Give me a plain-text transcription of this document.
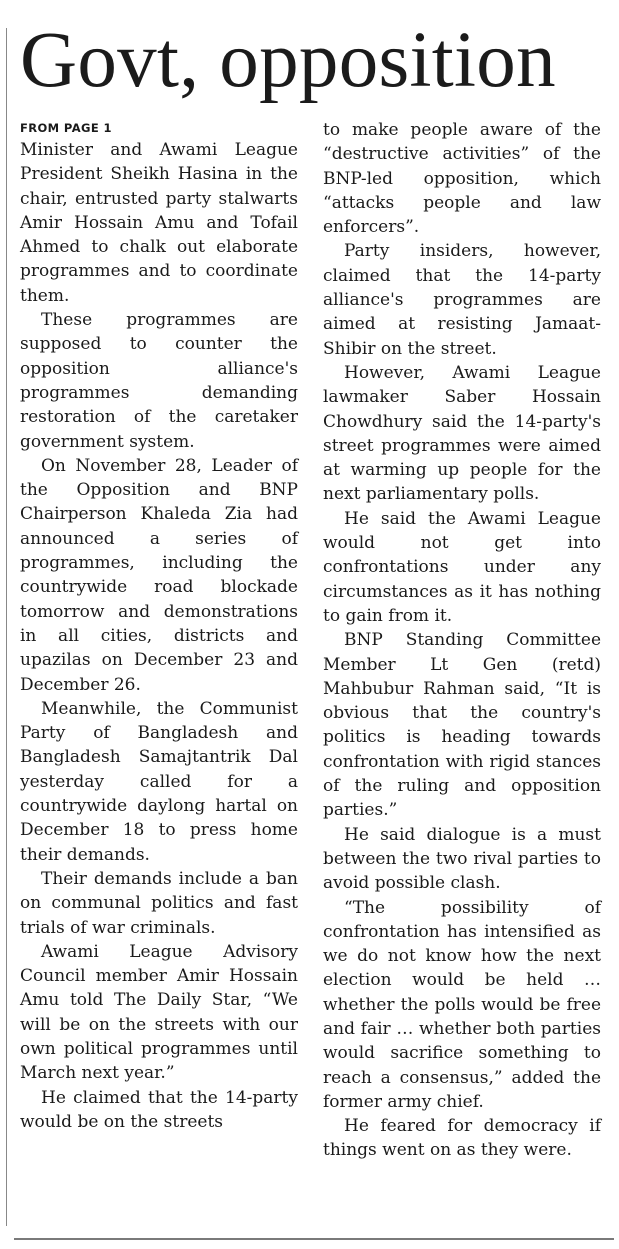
Govt, opposition
FROM PAGE 1

Minister and Awami League President Sheikh Hasina in the chair, entrusted party stalwarts Amir Hossain Amu and Tofail Ahmed to chalk out elaborate programmes and to coordinate them.

These programmes are supposed to counter the opposition alliance's programmes demanding restoration of the caretaker government system.

On November 28, Leader of the Opposition and BNP Chairperson Khaleda Zia had announced a series of programmes, including the countrywide road blockade tomorrow and demonstrations in all cities, districts and upazilas on December 23 and December 26.

Meanwhile, the Communist Party of Bangladesh and Bangladesh Samajtantrik Dal yesterday called for a countrywide daylong hartal on December 18 to press home their demands.

Their demands include a ban on communal politics and fast trials of war criminals.

Awami League Advisory Council member Amir Hossain Amu told The Daily Star, “We will be on the streets with our own political programmes until March next year.”

He claimed that the 14-party would be on the streets

to make people aware of the “destructive activities” of the BNP-led opposition, which “attacks people and law enforcers”.

Party insiders, however, claimed that the 14-party alliance's programmes are aimed at resisting Jamaat-Shibir on the street.

However, Awami League lawmaker Saber Hossain Chowdhury said the 14-party's street programmes were aimed at warming up people for the next parliamentary polls.

He said the Awami League would not get into confrontations under any circumstances as it has nothing to gain from it.

BNP Standing Committee Member Lt Gen (retd) Mahbubur Rahman said, “It is obvious that the country's politics is heading towards confrontation with rigid stances of the ruling and opposition parties.”

He said dialogue is a must between the two rival parties to avoid possible clash.

“The possibility of confrontation has intensified as we do not know how the next election would be held … whether the polls would be free and fair … whether both parties would sacrifice something to reach a consensus,” added the former army chief.

He feared for democracy if things went on as they were.
